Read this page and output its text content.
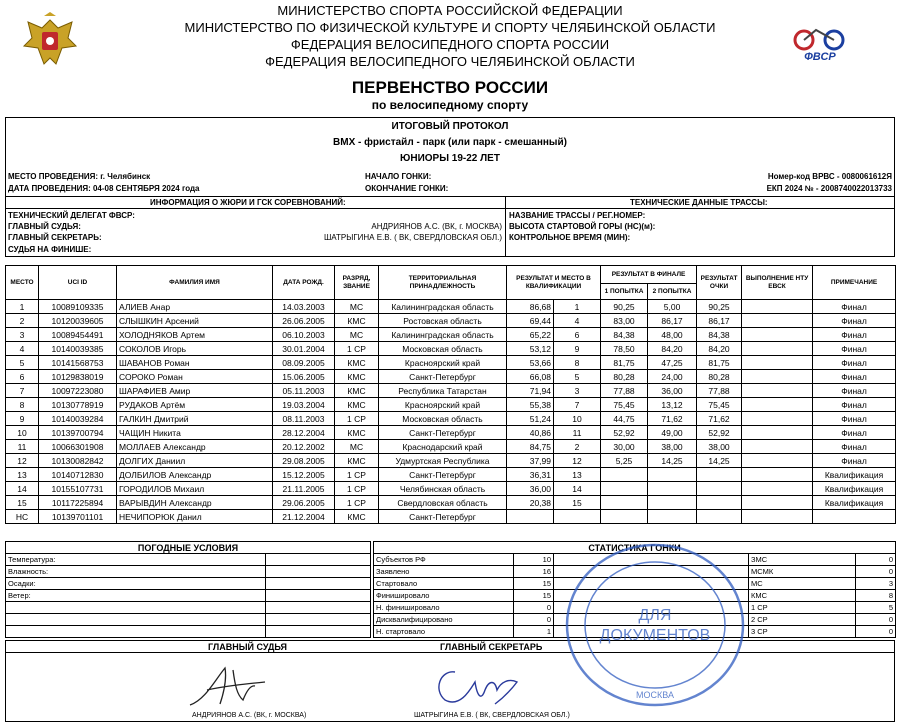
МИНИСТЕРСТВО СПОРТА РОССИЙСКОЙ ФЕДЕРАЦИИ
МИНИСТЕРСТВО ПО ФИЗИЧЕСКОЙ КУЛЬТУРЕ И СПОРТУ ЧЕЛЯБИНСКОЙ ОБЛАСТИ
ФЕДЕРАЦИЯ ВЕЛОСИПЕДНОГО СПОРТА РОССИИ
ФЕДЕРАЦИЯ ВЕЛОСИПЕДНОГО ЧЕЛЯБИНСКОЙ ОБЛАСТИ	ФВСР
ПЕРВЕНСТВО РОССИИ
по велосипедному спорту
ИТОГОВЫЙ ПРОТОКОЛ
BMX - фристайл - парк (или парк - смешанный)
ЮНИОРЫ 19-22 ЛЕТ
МЕСТО ПРОВЕДЕНИЯ: г. Челябинск
ДАТА ПРОВЕДЕНИЯ: 04-08 СЕНТЯБРЯ 2024 года
НАЧАЛО ГОНКИ:
ОКОНЧАНИЕ ГОНКИ:
Номер-код ВРВС - 0080061612Я
ЕКП 2024 № - 2008740022013733
ИНФОРМАЦИЯ О ЖЮРИ И ГСК СОРЕВНОВАНИЙ:	ТЕХНИЧЕСКИЕ ДАННЫЕ ТРАССЫ:
ТЕХНИЧЕСКИЙ ДЕЛЕГАТ ФВСР:
ГЛАВНЫЙ СУДЬЯ:	АНДРИЯНОВ А.С. (ВК, г. МОСКВА)
ГЛАВНЫЙ СЕКРЕТАРЬ:	ШАТРЫГИНА Е.В. ( ВК, СВЕРДЛОВСКАЯ ОБЛ.)
СУДЬЯ НА ФИНИШЕ:
НАЗВАНИЕ ТРАССЫ / РЕГ.НОМЕР:
ВЫСОТА СТАРТОВОЙ ГОРЫ (НС)(м):
КОНТРОЛЬНОЕ ВРЕМЯ (МИН):
МЕСТО	UCI ID	ФАМИЛИЯ ИМЯ	ДАТА РОЖД.	РАЗРЯД, ЗВАНИЕ	ТЕРРИТОРИАЛЬНАЯ ПРИНАДЛЕЖНОСТЬ	РЕЗУЛЬТАТ И МЕСТО В КВАЛИФИКАЦИИ		РЕЗУЛЬТАТ В ФИНАЛЕ		РЕЗУЛЬТАТ ОЧКИ	ВЫПОЛНЕНИЕ НТУ ЕВСК	ПРИМЕЧАНИЕ
								1 ПОПЫТКА	2 ПОПЫТКА			
1	10089109335	АЛИЕВ Анар	14.03.2003	МС	Калининградская область	86,68	1	90,25	5,00	90,25		Финал
2	10120039605	СЛЫШКИН Арсений	26.06.2005	КМС	Ростовская область	69,44	4	83,00	86,17	86,17		Финал
3	10089454491	ХОЛОДНЯКОВ Артем	06.10.2003	МС	Калининградская область	65,22	6	84,38	48,00	84,38		Финал
4	10140039385	СОКОЛОВ Игорь	30.01.2004	1 СР	Московская область	53,12	9	78,50	84,20	84,20		Финал
5	10141568753	ШАВАНОВ Роман	08.09.2005	КМС	Красноярский край	53,66	8	81,75	47,25	81,75		Финал
6	10129838019	СОРОКО Роман	15.06.2005	КМС	Санкт-Петербург	66,08	5	80,28	24,00	80,28		Финал
7	10097223080	ШАРАФИЕВ Амир	05.11.2003	КМС	Республика Татарстан	71,94	3	77,88	36,00	77,88		Финал
8	10130778919	РУДАКОВ Артём	19.03.2004	КМС	Красноярский край	55,38	7	75,45	13,12	75,45		Финал
9	10140039284	ГАЛКИН Дмитрий	08.11.2003	1 СР	Московская область	51,24	10	44,75	71,62	71,62		Финал
10	10139700794	ЧАЩИН Никита	28.12.2004	КМС	Санкт-Петербург	40,86	11	52,92	49,00	52,92		Финал
11	10066301908	МОЛЛАЕВ Александр	20.12.2002	МС	Краснодарский край	84,75	2	30,00	38,00	38,00		Финал
12	10130082842	ДОЛГИХ Даниил	29.08.2005	КМС	Удмуртская Республика	37,99	12	5,25	14,25	14,25		Финал
13	10140712830	ДОЛБИЛОВ Александр	15.12.2005	1 СР	Санкт-Петербург	36,31	13					Квалификация
14	10155107731	ГОРОДИЛОВ Михаил	21.11.2005	1 СР	Челябинская область	36,00	14					Квалификация
15	10117225894	ВАРЫВДИН Александр	29.06.2005	1 СР	Свердловская область	20,38	15					Квалификация
НС	10139701101	НЕЧИПОРЮК Данил	21.12.2004	КМС	Санкт-Петербург							
ПОГОДНЫЕ УСЛОВИЯ	
Температура:	
Влажность:	
Осадки:	
Ветер:	

СТАТИСТИКА ГОНКИ				
Субъектов РФ	10		ЗМС	0
Заявлено	16		МСМК	0
Стартовало	15		МС	3
Финишировало	15		КМС	8
Н. финишировало	0		1 СР	5
Дисквалифицировано	0		2 СР	0
Н. стартовало	1		3 СР	0
ГЛАВНЫЙ СУДЬЯ	ГЛАВНЫЙ СЕКРЕТАРЬ
АНДРИЯНОВ А.С. (ВК, г. МОСКВА)	ШАТРЫГИНА Е.В. ( ВК, СВЕРДЛОВСКАЯ ОБЛ.)
ДЛЯ
ДОКУМЕНТОВ
МОСКВА
